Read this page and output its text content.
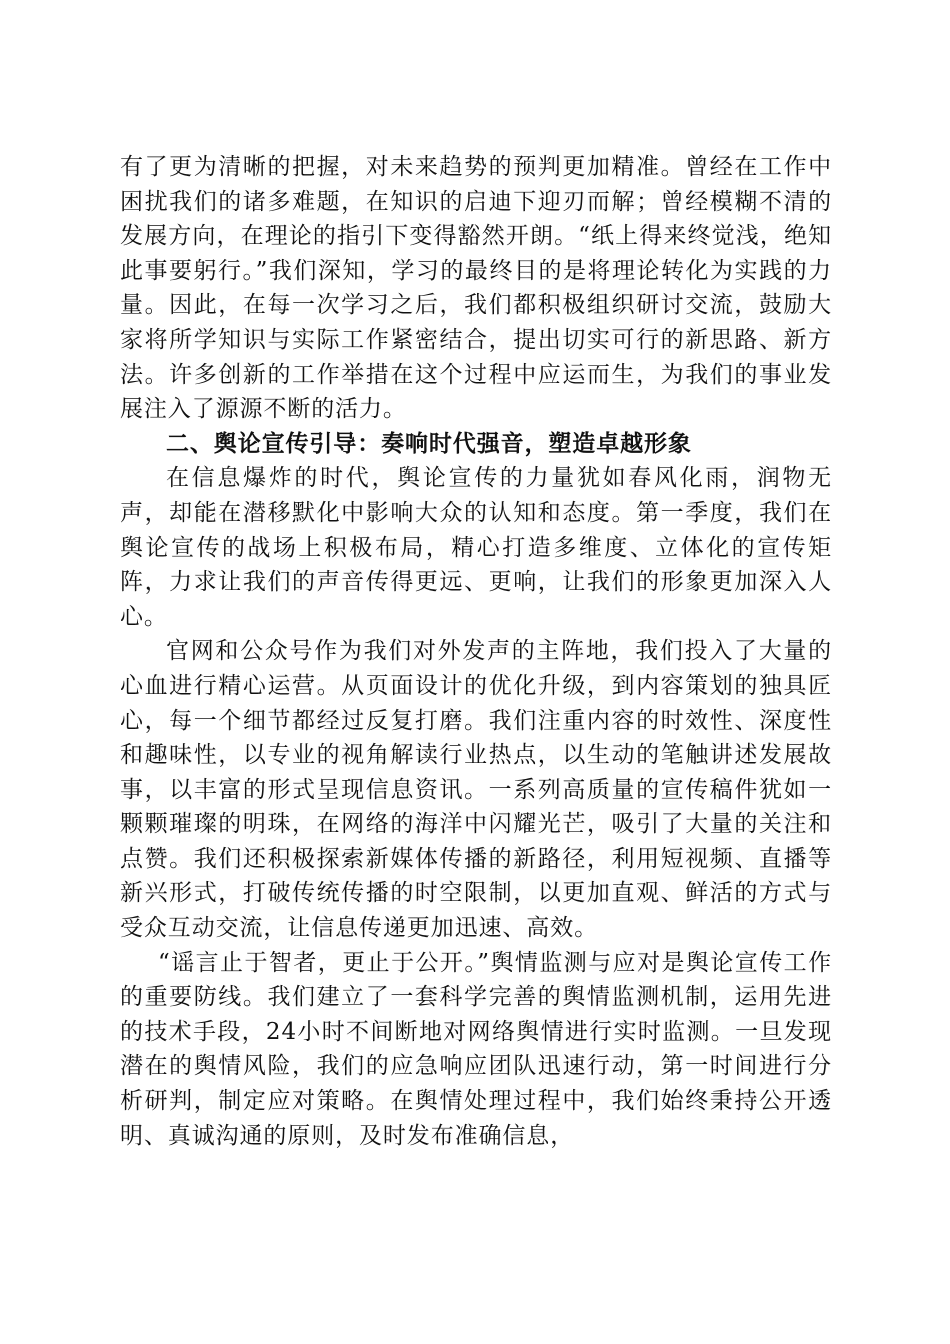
有了更为清晰的把握，对未来趋势的预判更加精准。曾经在工作中困扰我们的诸多难题，在知识的启迪下迎刃而解；曾经模糊不清的发展方向，在理论的指引下变得豁然开朗。“纸上得来终觉浅，绝知此事要躬行。”我们深知，学习的最终目的是将理论转化为实践的力量。因此，在每一次学习之后，我们都积极组织研讨交流，鼓励大家将所学知识与实际工作紧密结合，提出切实可行的新思路、新方法。许多创新的工作举措在这个过程中应运而生，为我们的事业发展注入了源源不断的活力。

二、舆论宣传引导：奏响时代强音，塑造卓越形象

在信息爆炸的时代，舆论宣传的力量犹如春风化雨，润物无声，却能在潜移默化中影响大众的认知和态度。第一季度，我们在舆论宣传的战场上积极布局，精心打造多维度、立体化的宣传矩阵，力求让我们的声音传得更远、更响，让我们的形象更加深入人心。

官网和公众号作为我们对外发声的主阵地，我们投入了大量的心血进行精心运营。从页面设计的优化升级，到内容策划的独具匠心，每一个细节都经过反复打磨。我们注重内容的时效性、深度性和趣味性，以专业的视角解读行业热点，以生动的笔触讲述发展故事，以丰富的形式呈现信息资讯。一系列高质量的宣传稿件犹如一颗颗璀璨的明珠，在网络的海洋中闪耀光芒，吸引了大量的关注和点赞。我们还积极探索新媒体传播的新路径，利用短视频、直播等新兴形式，打破传统传播的时空限制，以更加直观、鲜活的方式与受众互动交流，让信息传递更加迅速、高效。

“谣言止于智者，更止于公开。”舆情监测与应对是舆论宣传工作的重要防线。我们建立了一套科学完善的舆情监测机制，运用先进的技术手段，24小时不间断地对网络舆情进行实时监测。一旦发现潜在的舆情风险，我们的应急响应团队迅速行动，第一时间进行分析研判，制定应对策略。在舆情处理过程中，我们始终秉持公开透明、真诚沟通的原则，及时发布准确信息，
